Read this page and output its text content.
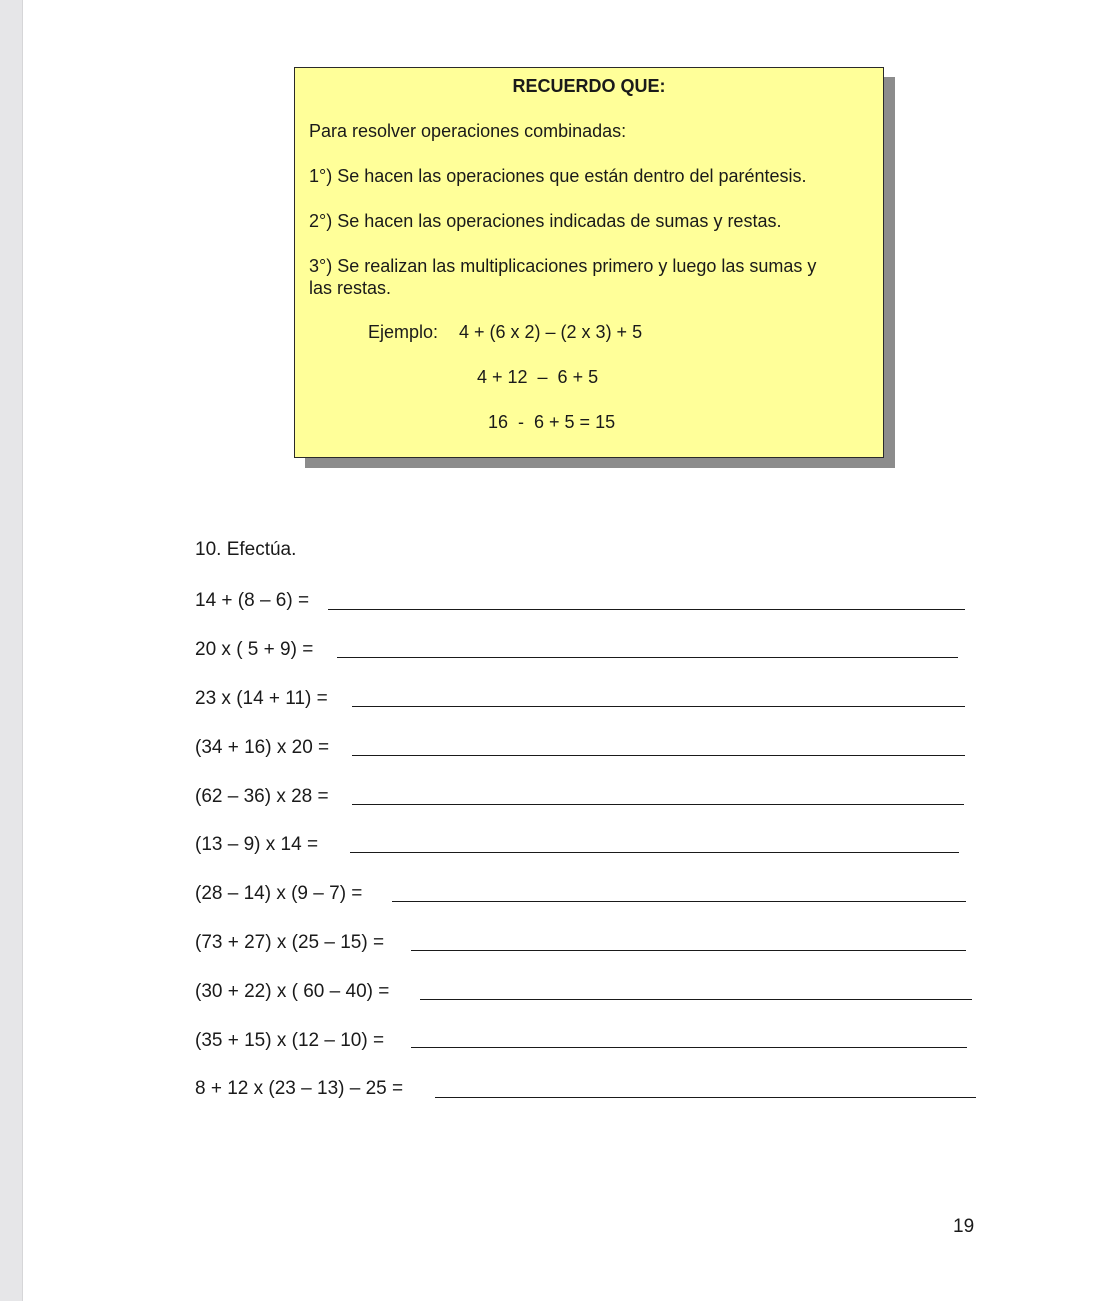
RECUERDO QUE:
Para resolver operaciones combinadas:
1°) Se hacen las operaciones que están dentro del paréntesis.
2°) Se hacen las operaciones indicadas de sumas y restas.
3°) Se realizan las multiplicaciones primero y luego las sumas y
las restas.
Ejemplo: 4 + (6 x 2) – (2 x 3) + 5
4 + 12  –  6 + 5
16  -  6 + 5 = 15
10. Efectúa.
14 + (8 – 6) =
20 x ( 5 + 9) =
23 x (14 + 11) =
(34 + 16) x 20 =
(62 – 36) x 28 =
(13 – 9) x 14 =
(28 – 14) x (9 – 7) =
(73 + 27) x (25 – 15) =
(30 + 22) x ( 60 – 40) =
(35 + 15) x (12 – 10) =
8 + 12 x (23 – 13) – 25 =
19
